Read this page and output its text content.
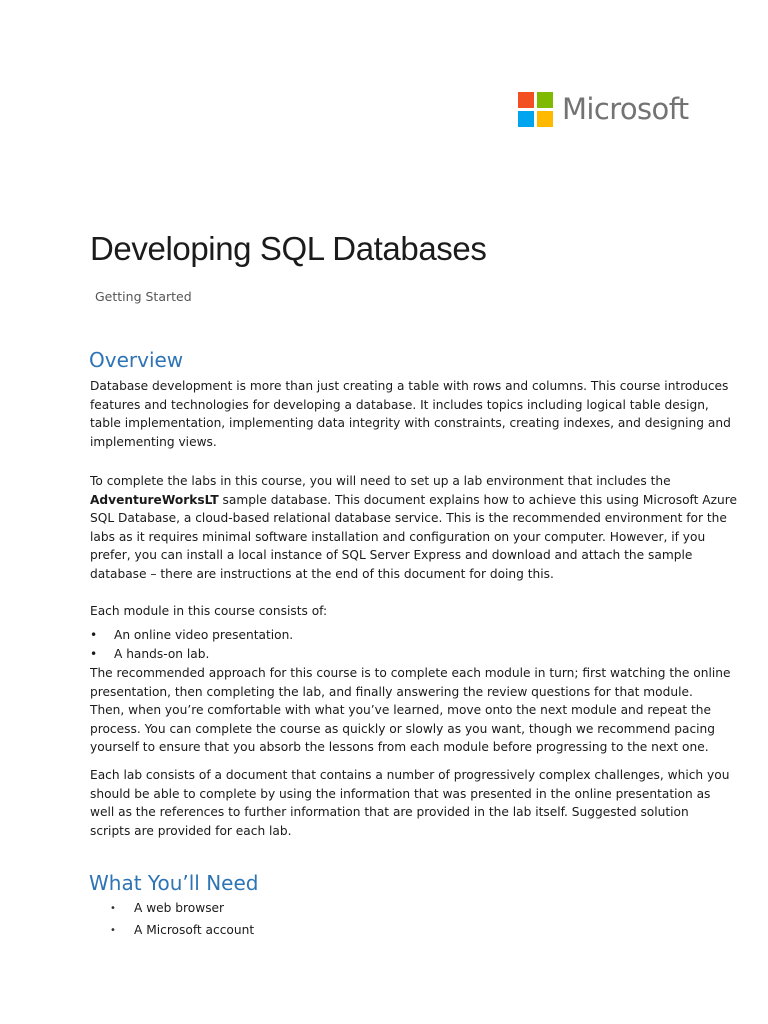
Microsoft
Developing SQL Databases
Getting Started
Overview
Database development is more than just creating a table with rows and columns. This course introduces
features and technologies for developing a database. It includes topics including logical table design,
table implementation, implementing data integrity with constraints, creating indexes, and designing and
implementing views.
To complete the labs in this course, you will need to set up a lab environment that includes the
AdventureWorksLT sample database. This document explains how to achieve this using Microsoft Azure
SQL Database, a cloud-based relational database service. This is the recommended environment for the
labs as it requires minimal software installation and configuration on your computer. However, if you
prefer, you can install a local instance of SQL Server Express and download and attach the sample
database – there are instructions at the end of this document for doing this.
Each module in this course consists of:
•	An online video presentation.
•	A hands-on lab.
The recommended approach for this course is to complete each module in turn; first watching the online
presentation, then completing the lab, and finally answering the review questions for that module.
Then, when you’re comfortable with what you’ve learned, move onto the next module and repeat the
process. You can complete the course as quickly or slowly as you want, though we recommend pacing
yourself to ensure that you absorb the lessons from each module before progressing to the next one.
Each lab consists of a document that contains a number of progressively complex challenges, which you
should be able to complete by using the information that was presented in the online presentation as
well as the references to further information that are provided in the lab itself. Suggested solution
scripts are provided for each lab.
What You’ll Need
•	A web browser
•	A Microsoft account
